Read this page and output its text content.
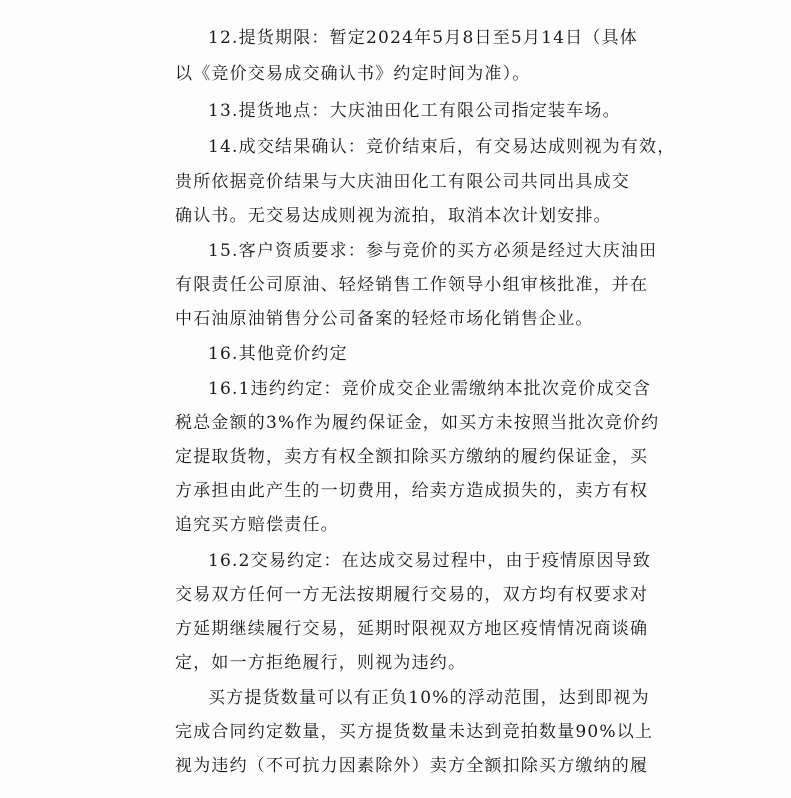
12.提货期限：暂定2024年5月8日至5月14日（具体
以《竞价交易成交确认书》约定时间为准）。
13.提货地点：大庆油田化工有限公司指定装车场。
14.成交结果确认：竞价结束后，有交易达成则视为有效，
贵所依据竞价结果与大庆油田化工有限公司共同出具成交
确认书。无交易达成则视为流拍，取消本次计划安排。
15.客户资质要求：参与竞价的买方必须是经过大庆油田
有限责任公司原油、轻烃销售工作领导小组审核批准，并在
中石油原油销售分公司备案的轻烃市场化销售企业。
16.其他竞价约定
16.1违约约定：竞价成交企业需缴纳本批次竞价成交含
税总金额的3%作为履约保证金，如买方未按照当批次竞价约
定提取货物，卖方有权全额扣除买方缴纳的履约保证金，买
方承担由此产生的一切费用，给卖方造成损失的，卖方有权
追究买方赔偿责任。
16.2交易约定：在达成交易过程中，由于疫情原因导致
交易双方任何一方无法按期履行交易的，双方均有权要求对
方延期继续履行交易，延期时限视双方地区疫情情况商谈确
定，如一方拒绝履行，则视为违约。
买方提货数量可以有正负10%的浮动范围，达到即视为
完成合同约定数量，买方提货数量未达到竞拍数量90%以上
视为违约（不可抗力因素除外）卖方全额扣除买方缴纳的履
